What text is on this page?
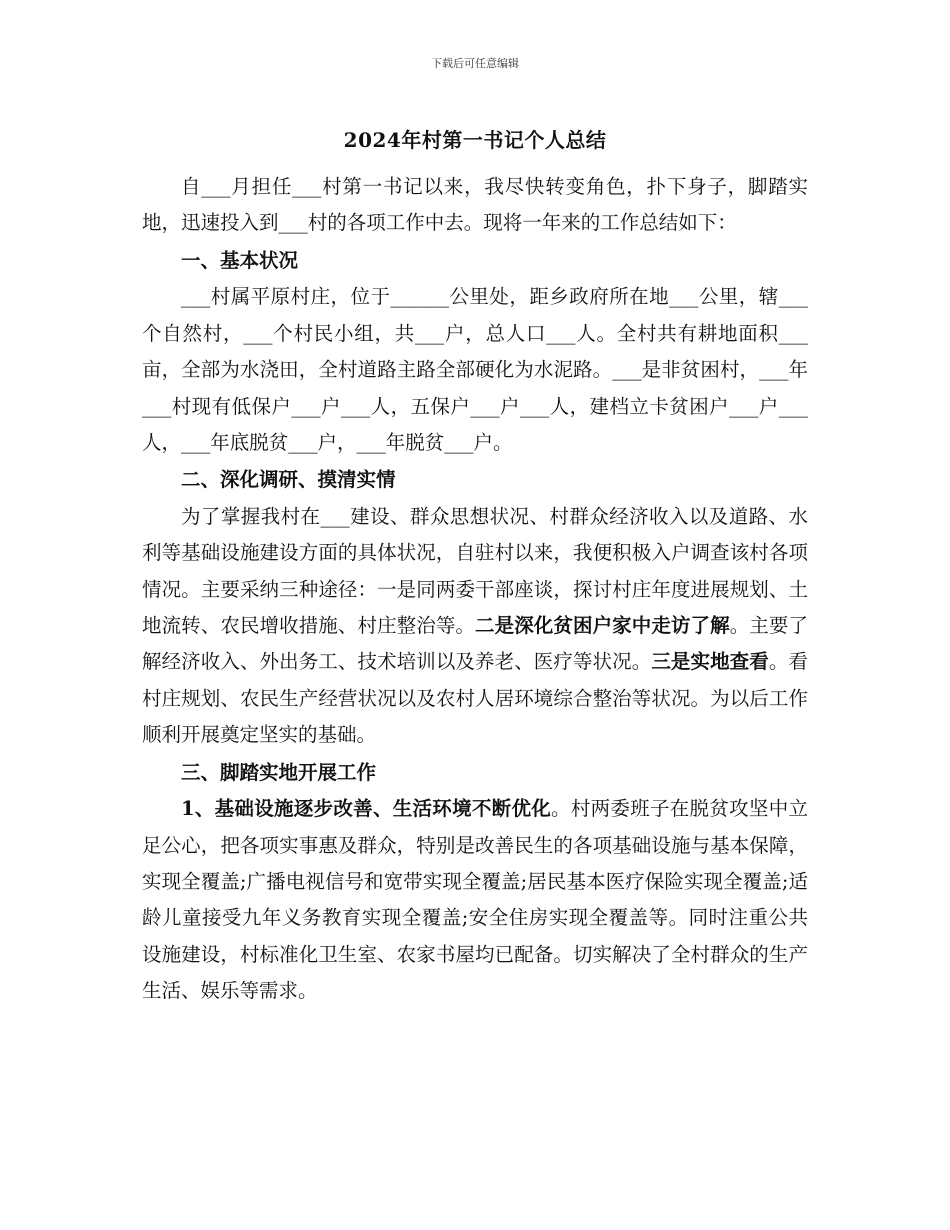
下载后可任意编辑
2024年村第一书记个人总结

自___月担任___村第一书记以来，我尽快转变角色，扑下身子，脚踏实地，迅速投入到___村的各项工作中去。现将一年来的工作总结如下：

一、基本状况

___村属平原村庄，位于______公里处，距乡政府所在地___公里，辖___个自然村，___个村民小组，共___户，总人口___人。全村共有耕地面积___亩，全部为水浇田，全村道路主路全部硬化为水泥路。___是非贫困村，___年___村现有低保户___户___人，五保户___户___人，建档立卡贫困户___户___人，___年底脱贫___户，___年脱贫___户。

二、深化调研、摸清实情

为了掌握我村在___建设、群众思想状况、村群众经济收入以及道路、水利等基础设施建设方面的具体状况，自驻村以来，我便积极入户调查该村各项情况。主要采纳三种途径：一是同两委干部座谈，探讨村庄年度进展规划、土地流转、农民增收措施、村庄整治等。二是深化贫困户家中走访了解。主要了解经济收入、外出务工、技术培训以及养老、医疗等状况。三是实地查看。看村庄规划、农民生产经营状况以及农村人居环境综合整治等状况。为以后工作顺利开展奠定坚实的基础。

三、脚踏实地开展工作

1、基础设施逐步改善、生活环境不断优化。村两委班子在脱贫攻坚中立足公心，把各项实事惠及群众，特别是改善民生的各项基础设施与基本保障，实现全覆盖;广播电视信号和宽带实现全覆盖;居民基本医疗保险实现全覆盖;适龄儿童接受九年义务教育实现全覆盖;安全住房实现全覆盖等。同时注重公共设施建设，村标准化卫生室、农家书屋均已配备。切实解决了全村群众的生产生活、娱乐等需求。
